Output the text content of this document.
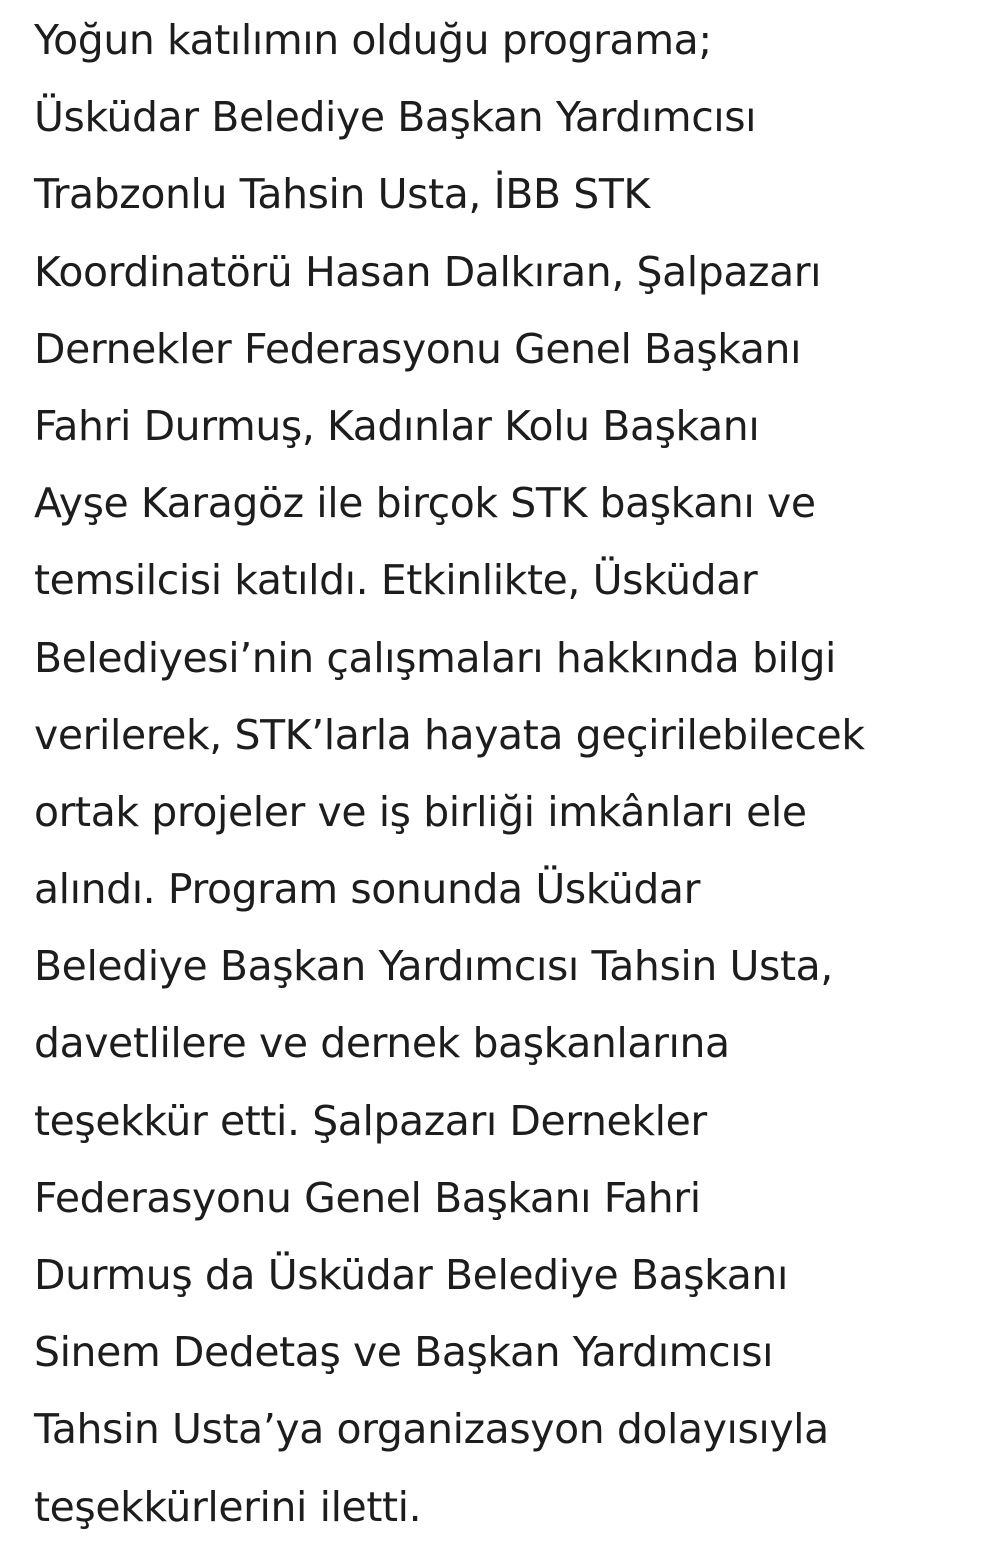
Yoğun katılımın olduğu programa;
Üsküdar Belediye Başkan Yardımcısı
Trabzonlu Tahsin Usta, İBB STK
Koordinatörü Hasan Dalkıran, Şalpazarı
Dernekler Federasyonu Genel Başkanı
Fahri Durmuş, Kadınlar Kolu Başkanı
Ayşe Karagöz ile birçok STK başkanı ve
temsilcisi katıldı. Etkinlikte, Üsküdar
Belediyesi’nin çalışmaları hakkında bilgi
verilerek, STK’larla hayata geçirilebilecek
ortak projeler ve iş birliği imkânları ele
alındı. Program sonunda Üsküdar
Belediye Başkan Yardımcısı Tahsin Usta,
davetlilere ve dernek başkanlarına
teşekkür etti. Şalpazarı Dernekler
Federasyonu Genel Başkanı Fahri
Durmuş da Üsküdar Belediye Başkanı
Sinem Dedetaş ve Başkan Yardımcısı
Tahsin Usta’ya organizasyon dolayısıyla
teşekkürlerini iletti.
